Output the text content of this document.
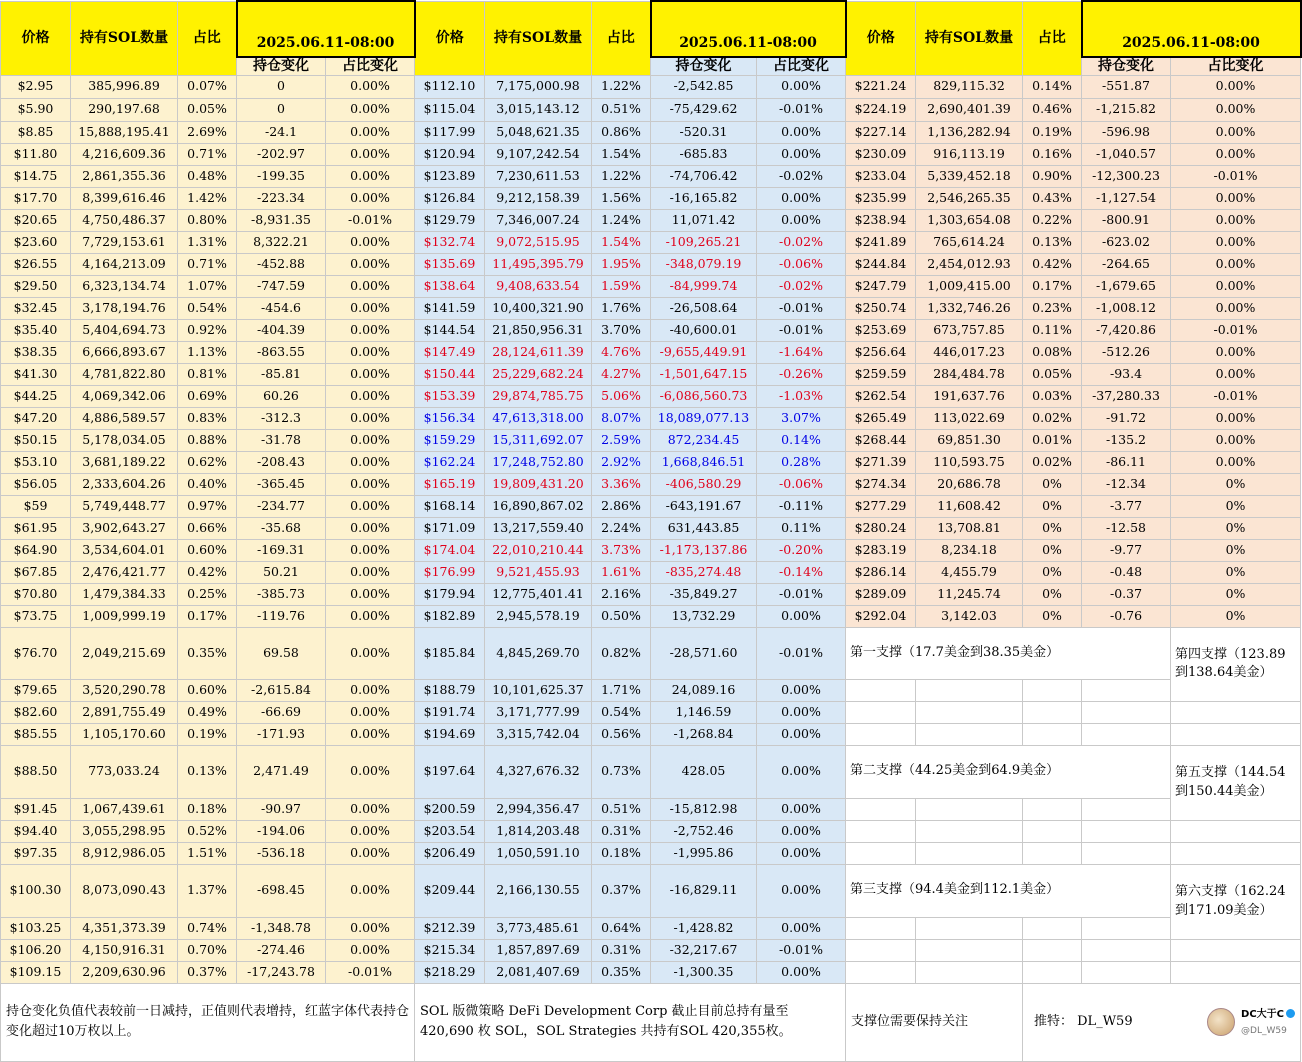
价格	持有SOL数量	占比	2025.06.11-08:00		价格	持有SOL数量	占比	2025.06.11-08:00		价格	持有SOL数量	占比	2025.06.11-08:00	
			持仓变化	占比变化				持仓变化	占比变化				持仓变化	占比变化
$2.95	385,996.89	0.07%	0	0.00%	$112.10	7,175,000.98	1.22%	-2,542.85	0.00%	$221.24	829,115.32	0.14%	-551.87	0.00%
$5.90	290,197.68	0.05%	0	0.00%	$115.04	3,015,143.12	0.51%	-75,429.62	-0.01%	$224.19	2,690,401.39	0.46%	-1,215.82	0.00%
$8.85	15,888,195.41	2.69%	-24.1	0.00%	$117.99	5,048,621.35	0.86%	-520.31	0.00%	$227.14	1,136,282.94	0.19%	-596.98	0.00%
$11.80	4,216,609.36	0.71%	-202.97	0.00%	$120.94	9,107,242.54	1.54%	-685.83	0.00%	$230.09	916,113.19	0.16%	-1,040.57	0.00%
$14.75	2,861,355.36	0.48%	-199.35	0.00%	$123.89	7,230,611.53	1.22%	-74,706.42	-0.02%	$233.04	5,339,452.18	0.90%	-12,300.23	-0.01%
$17.70	8,399,616.46	1.42%	-223.34	0.00%	$126.84	9,212,158.39	1.56%	-16,165.82	0.00%	$235.99	2,546,265.35	0.43%	-1,127.54	0.00%
$20.65	4,750,486.37	0.80%	-8,931.35	-0.01%	$129.79	7,346,007.24	1.24%	11,071.42	0.00%	$238.94	1,303,654.08	0.22%	-800.91	0.00%
$23.60	7,729,153.61	1.31%	8,322.21	0.00%	$132.74	9,072,515.95	1.54%	-109,265.21	-0.02%	$241.89	765,614.24	0.13%	-623.02	0.00%
$26.55	4,164,213.09	0.71%	-452.88	0.00%	$135.69	11,495,395.79	1.95%	-348,079.19	-0.06%	$244.84	2,454,012.93	0.42%	-264.65	0.00%
$29.50	6,323,134.74	1.07%	-747.59	0.00%	$138.64	9,408,633.54	1.59%	-84,999.74	-0.02%	$247.79	1,009,415.00	0.17%	-1,679.65	0.00%
$32.45	3,178,194.76	0.54%	-454.6	0.00%	$141.59	10,400,321.90	1.76%	-26,508.64	-0.01%	$250.74	1,332,746.26	0.23%	-1,008.12	0.00%
$35.40	5,404,694.73	0.92%	-404.39	0.00%	$144.54	21,850,956.31	3.70%	-40,600.01	-0.01%	$253.69	673,757.85	0.11%	-7,420.86	-0.01%
$38.35	6,666,893.67	1.13%	-863.55	0.00%	$147.49	28,124,611.39	4.76%	-9,655,449.91	-1.64%	$256.64	446,017.23	0.08%	-512.26	0.00%
$41.30	4,781,822.80	0.81%	-85.81	0.00%	$150.44	25,229,682.24	4.27%	-1,501,647.15	-0.26%	$259.59	284,484.78	0.05%	-93.4	0.00%
$44.25	4,069,342.06	0.69%	60.26	0.00%	$153.39	29,874,785.75	5.06%	-6,086,560.73	-1.03%	$262.54	191,637.76	0.03%	-37,280.33	-0.01%
$47.20	4,886,589.57	0.83%	-312.3	0.00%	$156.34	47,613,318.00	8.07%	18,089,077.13	3.07%	$265.49	113,022.69	0.02%	-91.72	0.00%
$50.15	5,178,034.05	0.88%	-31.78	0.00%	$159.29	15,311,692.07	2.59%	872,234.45	0.14%	$268.44	69,851.30	0.01%	-135.2	0.00%
$53.10	3,681,189.22	0.62%	-208.43	0.00%	$162.24	17,248,752.80	2.92%	1,668,846.51	0.28%	$271.39	110,593.75	0.02%	-86.11	0.00%
$56.05	2,333,604.26	0.40%	-365.45	0.00%	$165.19	19,809,431.20	3.36%	-406,580.29	-0.06%	$274.34	20,686.78	0%	-12.34	0%
$59	5,749,448.77	0.97%	-234.77	0.00%	$168.14	16,890,867.02	2.86%	-643,191.67	-0.11%	$277.29	11,608.42	0%	-3.77	0%
$61.95	3,902,643.27	0.66%	-35.68	0.00%	$171.09	13,217,559.40	2.24%	631,443.85	0.11%	$280.24	13,708.81	0%	-12.58	0%
$64.90	3,534,604.01	0.60%	-169.31	0.00%	$174.04	22,010,210.44	3.73%	-1,173,137.86	-0.20%	$283.19	8,234.18	0%	-9.77	0%
$67.85	2,476,421.77	0.42%	50.21	0.00%	$176.99	9,521,455.93	1.61%	-835,274.48	-0.14%	$286.14	4,455.79	0%	-0.48	0%
$70.80	1,479,384.33	0.25%	-385.73	0.00%	$179.94	12,775,401.41	2.16%	-35,849.27	-0.01%	$289.09	11,245.74	0%	-0.37	0%
$73.75	1,009,999.19	0.17%	-119.76	0.00%	$182.89	2,945,578.19	0.50%	13,732.29	0.00%	$292.04	3,142.03	0%	-0.76	0%
$76.70	2,049,215.69	0.35%	69.58	0.00%	$185.84	4,845,269.70	0.82%	-28,571.60	-0.01%	第一支撑（17.7美金到38.35美金）				第四支撑（123.89到138.64美金）
$79.65	3,520,290.78	0.60%	-2,615.84	0.00%	$188.79	10,101,625.37	1.71%	24,089.16	0.00%					
$82.60	2,891,755.49	0.49%	-66.69	0.00%	$191.74	3,171,777.99	0.54%	1,146.59	0.00%					
$85.55	1,105,170.60	0.19%	-171.93	0.00%	$194.69	3,315,742.04	0.56%	-1,268.84	0.00%					
$88.50	773,033.24	0.13%	2,471.49	0.00%	$197.64	4,327,676.32	0.73%	428.05	0.00%	第二支撑（44.25美金到64.9美金）				第五支撑（144.54到150.44美金）
$91.45	1,067,439.61	0.18%	-90.97	0.00%	$200.59	2,994,356.47	0.51%	-15,812.98	0.00%					
$94.40	3,055,298.95	0.52%	-194.06	0.00%	$203.54	1,814,203.48	0.31%	-2,752.46	0.00%					
$97.35	8,912,986.05	1.51%	-536.18	0.00%	$206.49	1,050,591.10	0.18%	-1,995.86	0.00%					
$100.30	8,073,090.43	1.37%	-698.45	0.00%	$209.44	2,166,130.55	0.37%	-16,829.11	0.00%	第三支撑（94.4美金到112.1美金）				第六支撑（162.24到171.09美金）
$103.25	4,351,373.39	0.74%	-1,348.78	0.00%	$212.39	3,773,485.61	0.64%	-1,428.82	0.00%					
$106.20	4,150,916.31	0.70%	-274.46	0.00%	$215.34	1,857,897.69	0.31%	-32,217.67	-0.01%					
$109.15	2,209,630.96	0.37%	-17,243.78	-0.01%	$218.29	2,081,407.69	0.35%	-1,300.35	0.00%					
持仓变化负值代表较前一日减持，正值则代表增持，红蓝字体代表持仓变化超过10万枚以上。					SOL 版微策略 DeFi Development Corp 截止目前总持有量至 420,690 枚 SOL，SOL Strategies 共持有SOL 420,355枚。					支撑位需要保持关注		推特： DL_W59 DC大于C
@DL_W59		
